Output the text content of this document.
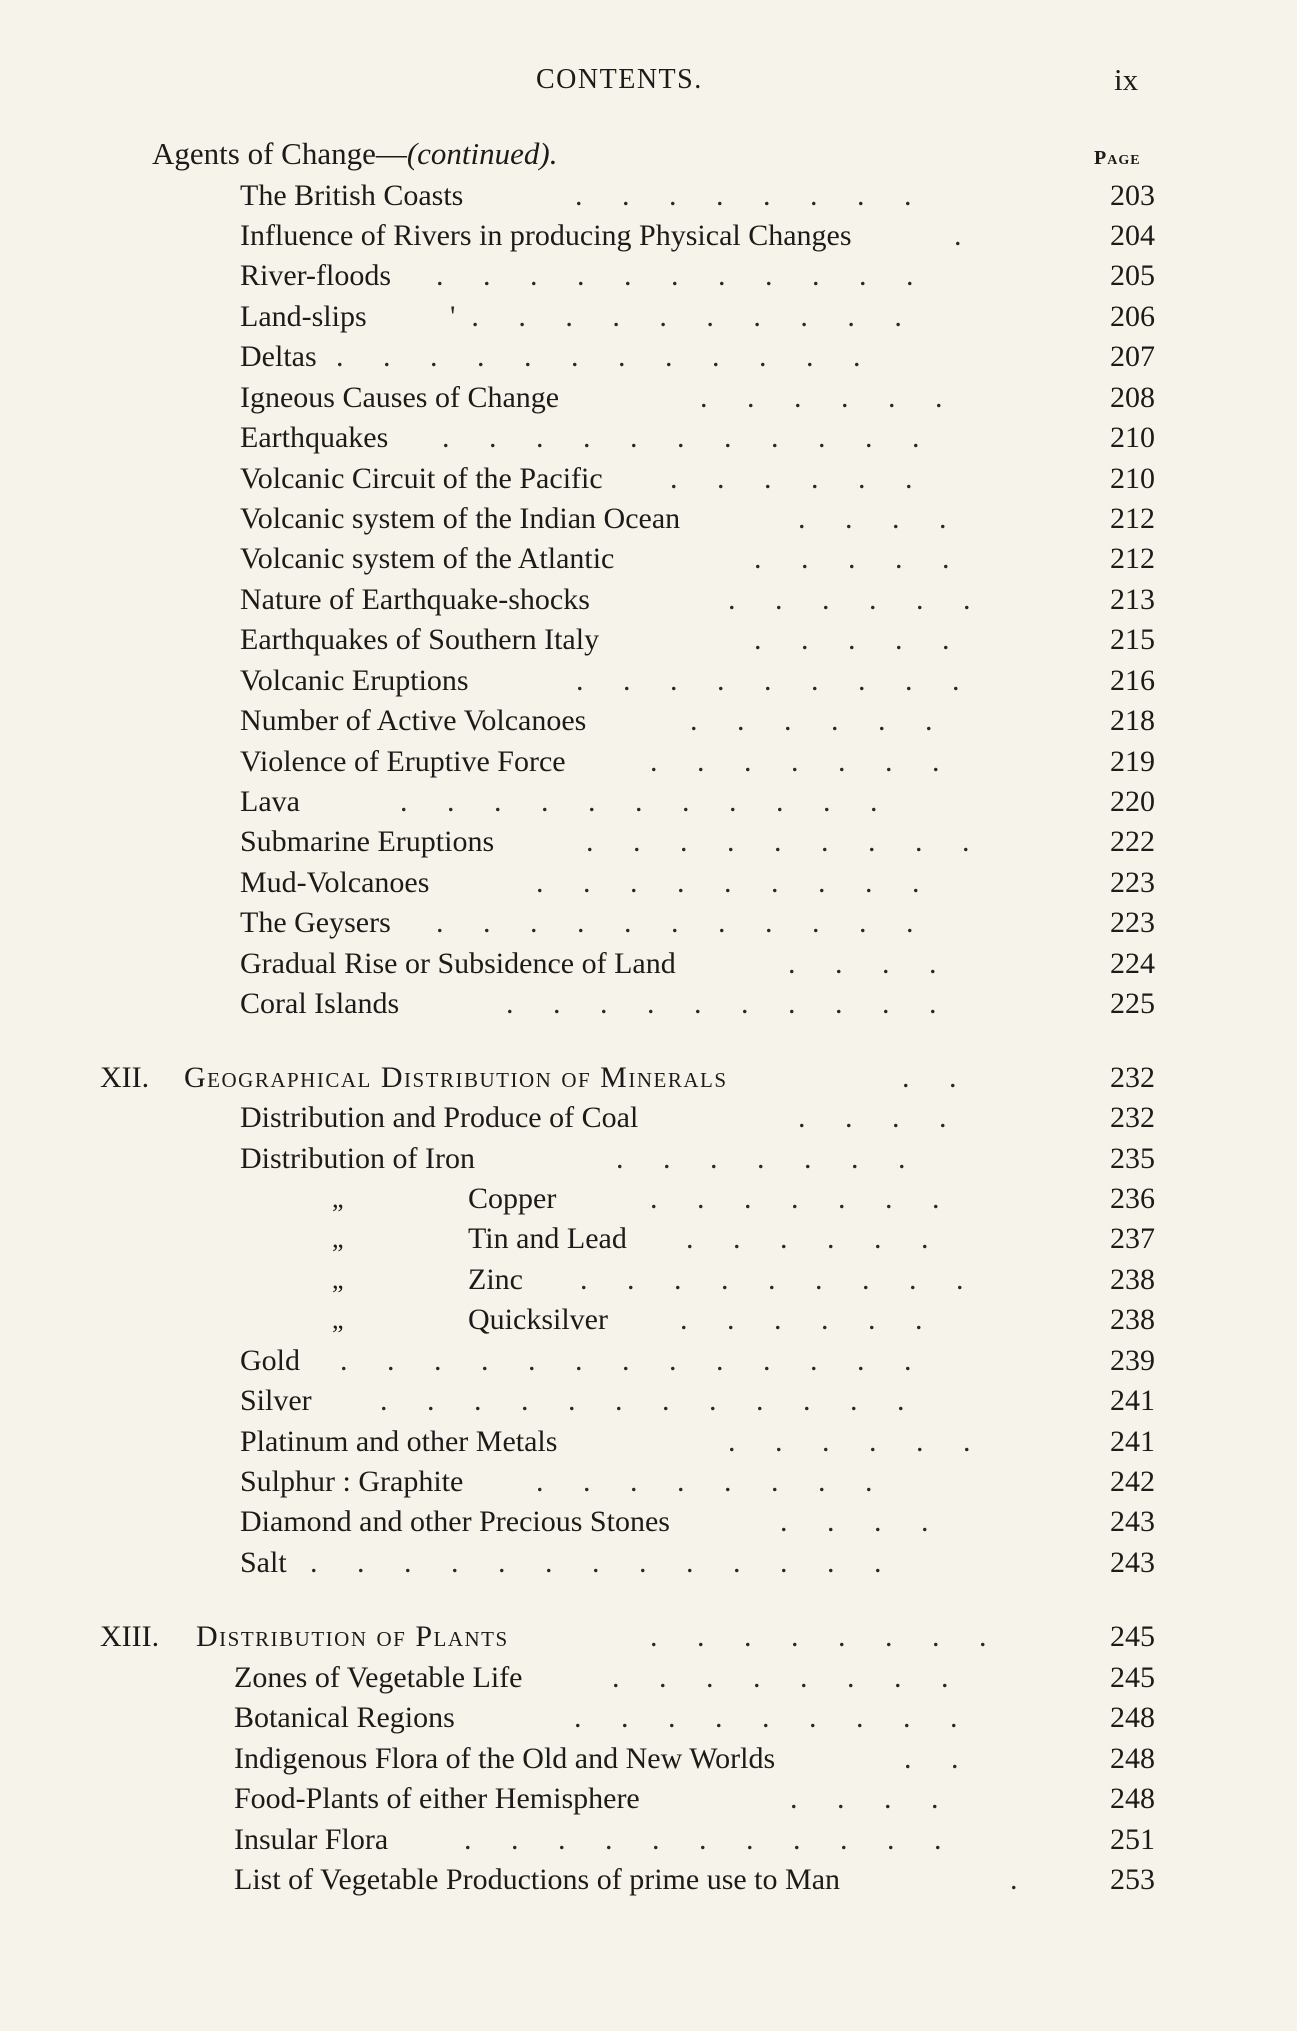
CONTENTS.	ix
Agents of Change—(continued).	Page
The British Coasts	. . . . . . . .	203
Influence of Rivers in producing Physical Changes	.	204
River-floods . . . . . . . . . . .	205
Land-slips	'. . . . . . . . . .	206
Deltas . . . . . . . . . . . .	207
Igneous Causes of Change	. . . . . .	208
Earthquakes . . . . . . . . . . .	210
Volcanic Circuit of the Pacific . . . . . .	210
Volcanic system of the Indian Ocean	. . . .	212
Volcanic system of the Atlantic	. . . . .	212
Nature of Earthquake-shocks	. . . . . .	213
Earthquakes of Southern Italy	. . . . .	215
Volcanic Eruptions	. . . . . . . . .	216
Number of Active Volcanoes	. . . . . .	218
Violence of Eruptive Force	. . . . . . .	219
Lava	. . . . . . . . . . .	220
Submarine Eruptions	. . . . . . . . .	222
Mud-Volcanoes	. . . . . . . . .	223
The Geysers . . . . . . . . . . .	223
Gradual Rise or Subsidence of Land	. . . .	224
Coral Islands	. . . . . . . . . .	225
XII. Geographical Distribution of Minerals	. .	232
Distribution and Produce of Coal	. . . .	232
Distribution of Iron	. . . . . . .	235
„	Copper	. . . . . . .	236
„	Tin and Lead . . . . . .	237
„	Zinc . . . . . . . . .	238
„	Quicksilver . . . . . .	238
Gold . . . . . . . . . . . . .	239
Silver . . . . . . . . . . . .	241
Platinum and other Metals	. . . . . .	241
Sulphur : Graphite . . . . . . . .	242
Diamond and other Precious Stones	. . . .	243
Salt . . . . . . . . . . . . .	243
XIII. Distribution of Plants	. . . . . . . .	245
Zones of Vegetable Life	. . . . . . . .	245
Botanical Regions	. . . . . . . . .	248
Indigenous Flora of the Old and New Worlds	. .	248
Food-Plants of either Hemisphere	. . . .	248
Insular Flora	. . . . . . . . . . .	251
List of Vegetable Productions of prime use to Man	.	253
